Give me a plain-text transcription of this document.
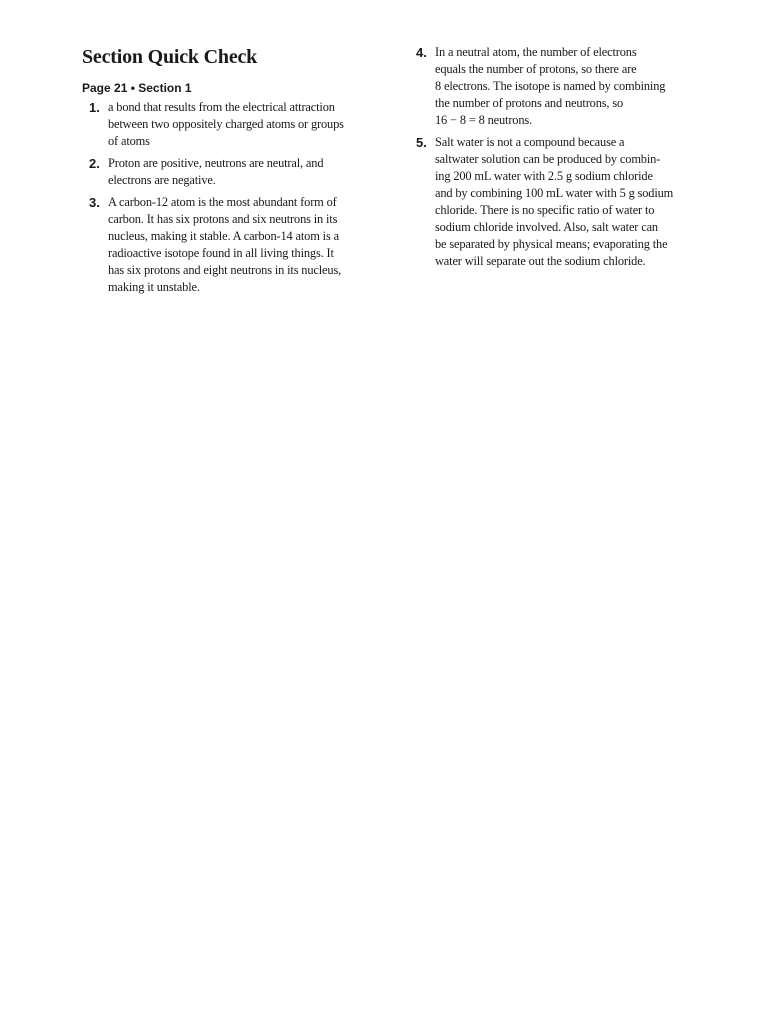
Section Quick Check
Page 21 • Section 1
1. a bond that results from the electrical attraction
between two oppositely charged atoms or groups
of atoms
2. Proton are positive, neutrons are neutral, and
electrons are negative.
3. A carbon-12 atom is the most abundant form of
carbon. It has six protons and six neutrons in its
nucleus, making it stable. A carbon-14 atom is a
radioactive isotope found in all living things. It
has six protons and eight neutrons in its nucleus,
making it unstable.
4. In a neutral atom, the number of electrons
equals the number of protons, so there are
8 electrons. The isotope is named by combining
the number of protons and neutrons, so
16 − 8 = 8 neutrons.
5. Salt water is not a compound because a
saltwater solution can be produced by combin-
ing 200 mL water with 2.5 g sodium chloride
and by combining 100 mL water with 5 g sodium
chloride. There is no specific ratio of water to
sodium chloride involved. Also, salt water can
be separated by physical means; evaporating the
water will separate out the sodium chloride.
